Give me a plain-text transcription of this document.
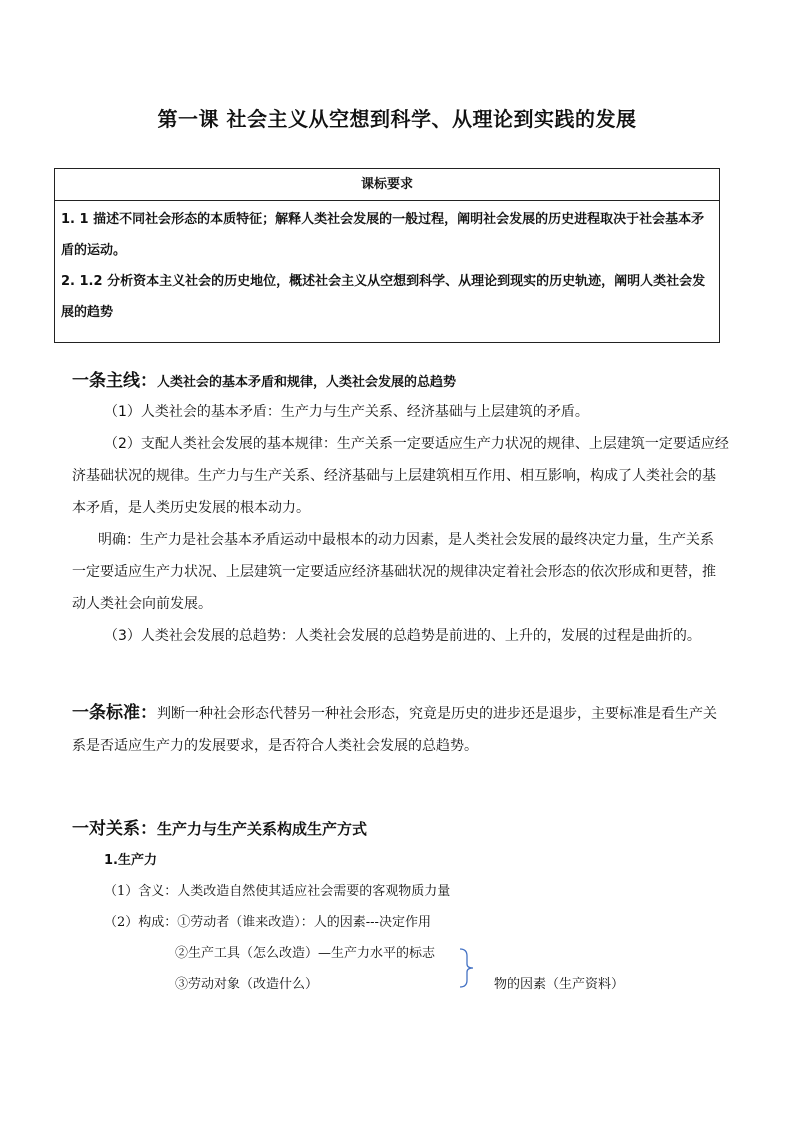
第一课 社会主义从空想到科学、从理论到实践的发展
课标要求

1. 1 描述不同社会形态的本质特征；解释人类社会发展的一般过程，阐明社会发展的历史进程取决于社会基本矛盾的运动。

2. 1.2 分析资本主义社会的历史地位，概述社会主义从空想到科学、从理论到现实的历史轨迹，阐明人类社会发展的趋势

一条主线：人类社会的基本矛盾和规律，人类社会发展的总趋势
（1）人类社会的基本矛盾：生产力与生产关系、经济基础与上层建筑的矛盾。
（2）支配人类社会发展的基本规律：生产关系一定要适应生产力状况的规律、上层建筑一定要适应经
济基础状况的规律。生产力与生产关系、经济基础与上层建筑相互作用、相互影响，构成了人类社会的基
本矛盾，是人类历史发展的根本动力。
明确：生产力是社会基本矛盾运动中最根本的动力因素，是人类社会发展的最终决定力量，生产关系
一定要适应生产力状况、上层建筑一定要适应经济基础状况的规律决定着社会形态的依次形成和更替，推
动人类社会向前发展。
（3）人类社会发展的总趋势：人类社会发展的总趋势是前进的、上升的，发展的过程是曲折的。
一条标准：判断一种社会形态代替另一种社会形态，究竟是历史的进步还是退步，主要标准是看生产关
系是否适应生产力的发展要求，是否符合人类社会发展的总趋势。
一对关系：生产力与生产关系构成生产方式
1.生产力
（1）含义：人类改造自然使其适应社会需要的客观物质力量
（2）构成：①劳动者（谁来改造）：人的因素---决定作用
②生产工具（怎么改造）—生产力水平的标志
③劳动对象（改造什么）	物的因素（生产资料）
